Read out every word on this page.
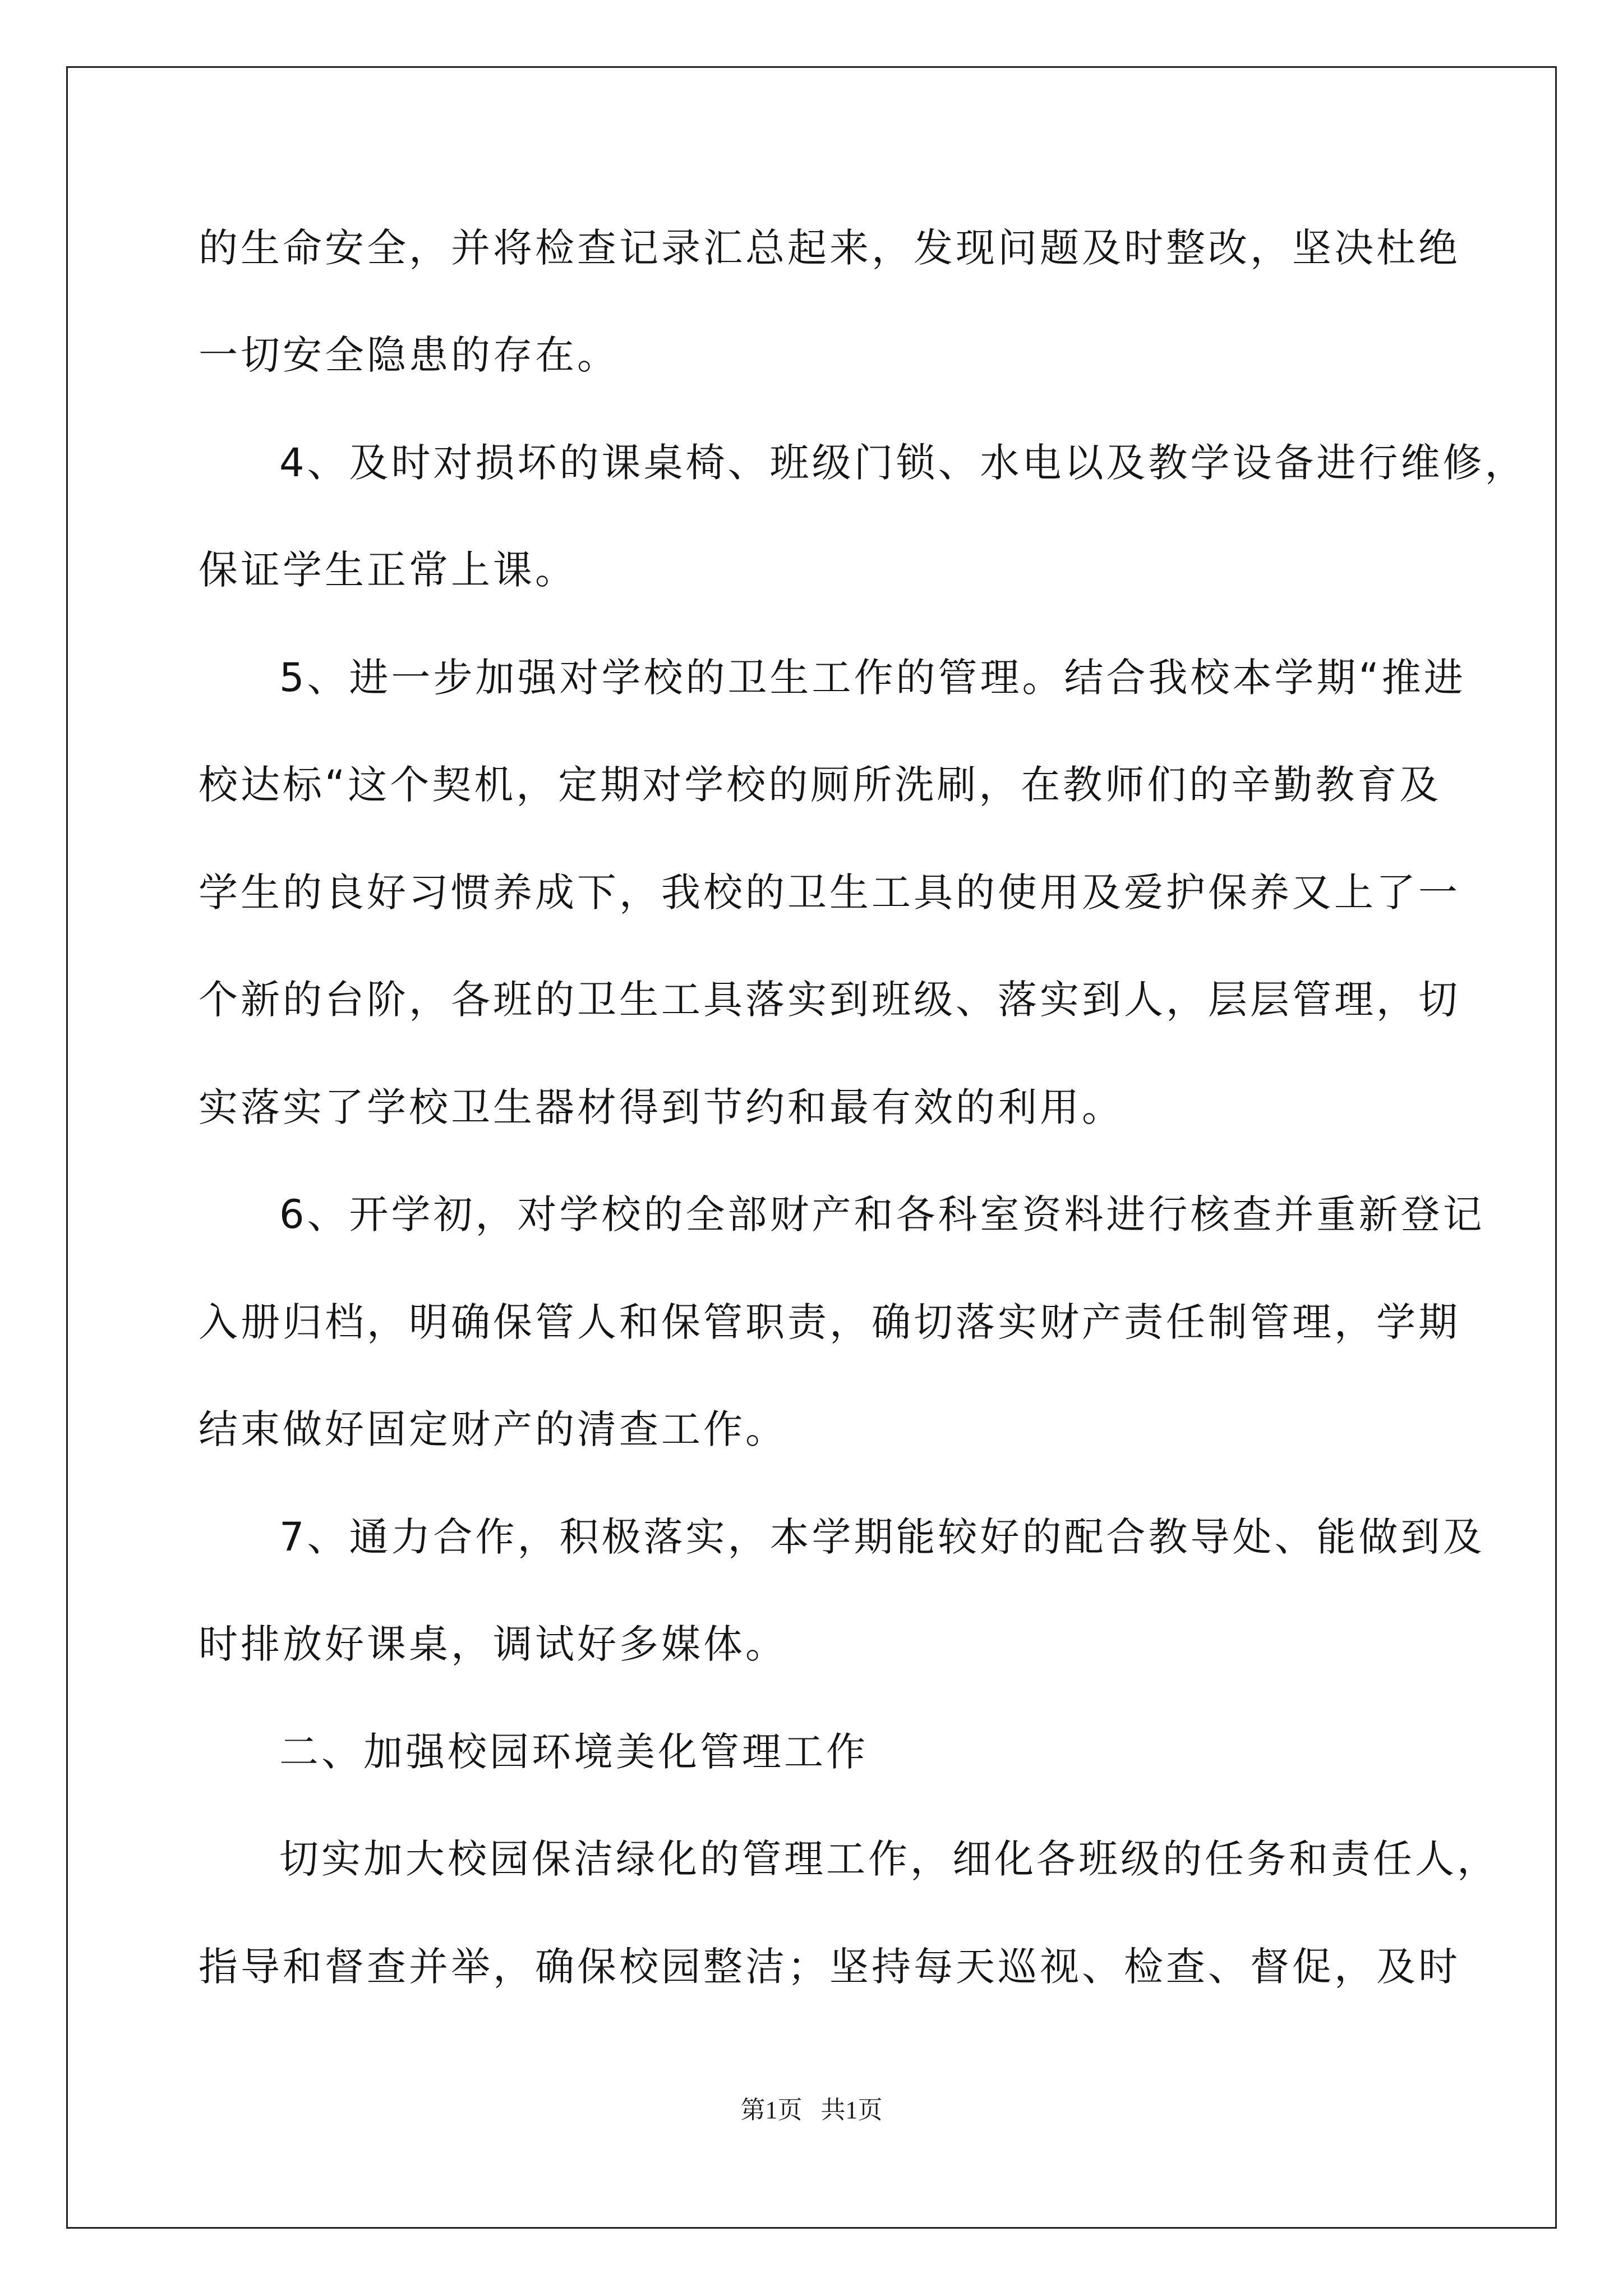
的生命安全，并将检查记录汇总起来，发现问题及时整改，坚决杜绝
一切安全隐患的存在。
4、及时对损坏的课桌椅、班级门锁、水电以及教学设备进行维修，
保证学生正常上课。
5、进一步加强对学校的卫生工作的管理。结合我校本学期“推进
校达标“这个契机，定期对学校的厕所洗刷，在教师们的辛勤教育及
学生的良好习惯养成下，我校的卫生工具的使用及爱护保养又上了一
个新的台阶，各班的卫生工具落实到班级、落实到人，层层管理，切
实落实了学校卫生器材得到节约和最有效的利用。
6、开学初，对学校的全部财产和各科室资料进行核查并重新登记
入册归档，明确保管人和保管职责，确切落实财产责任制管理，学期
结束做好固定财产的清查工作。
7、通力合作，积极落实，本学期能较好的配合教导处、能做到及
时排放好课桌，调试好多媒体。
二、加强校园环境美化管理工作
切实加大校园保洁绿化的管理工作，细化各班级的任务和责任人，
指导和督查并举，确保校园整洁；坚持每天巡视、检查、督促，及时
第1页   共1页
